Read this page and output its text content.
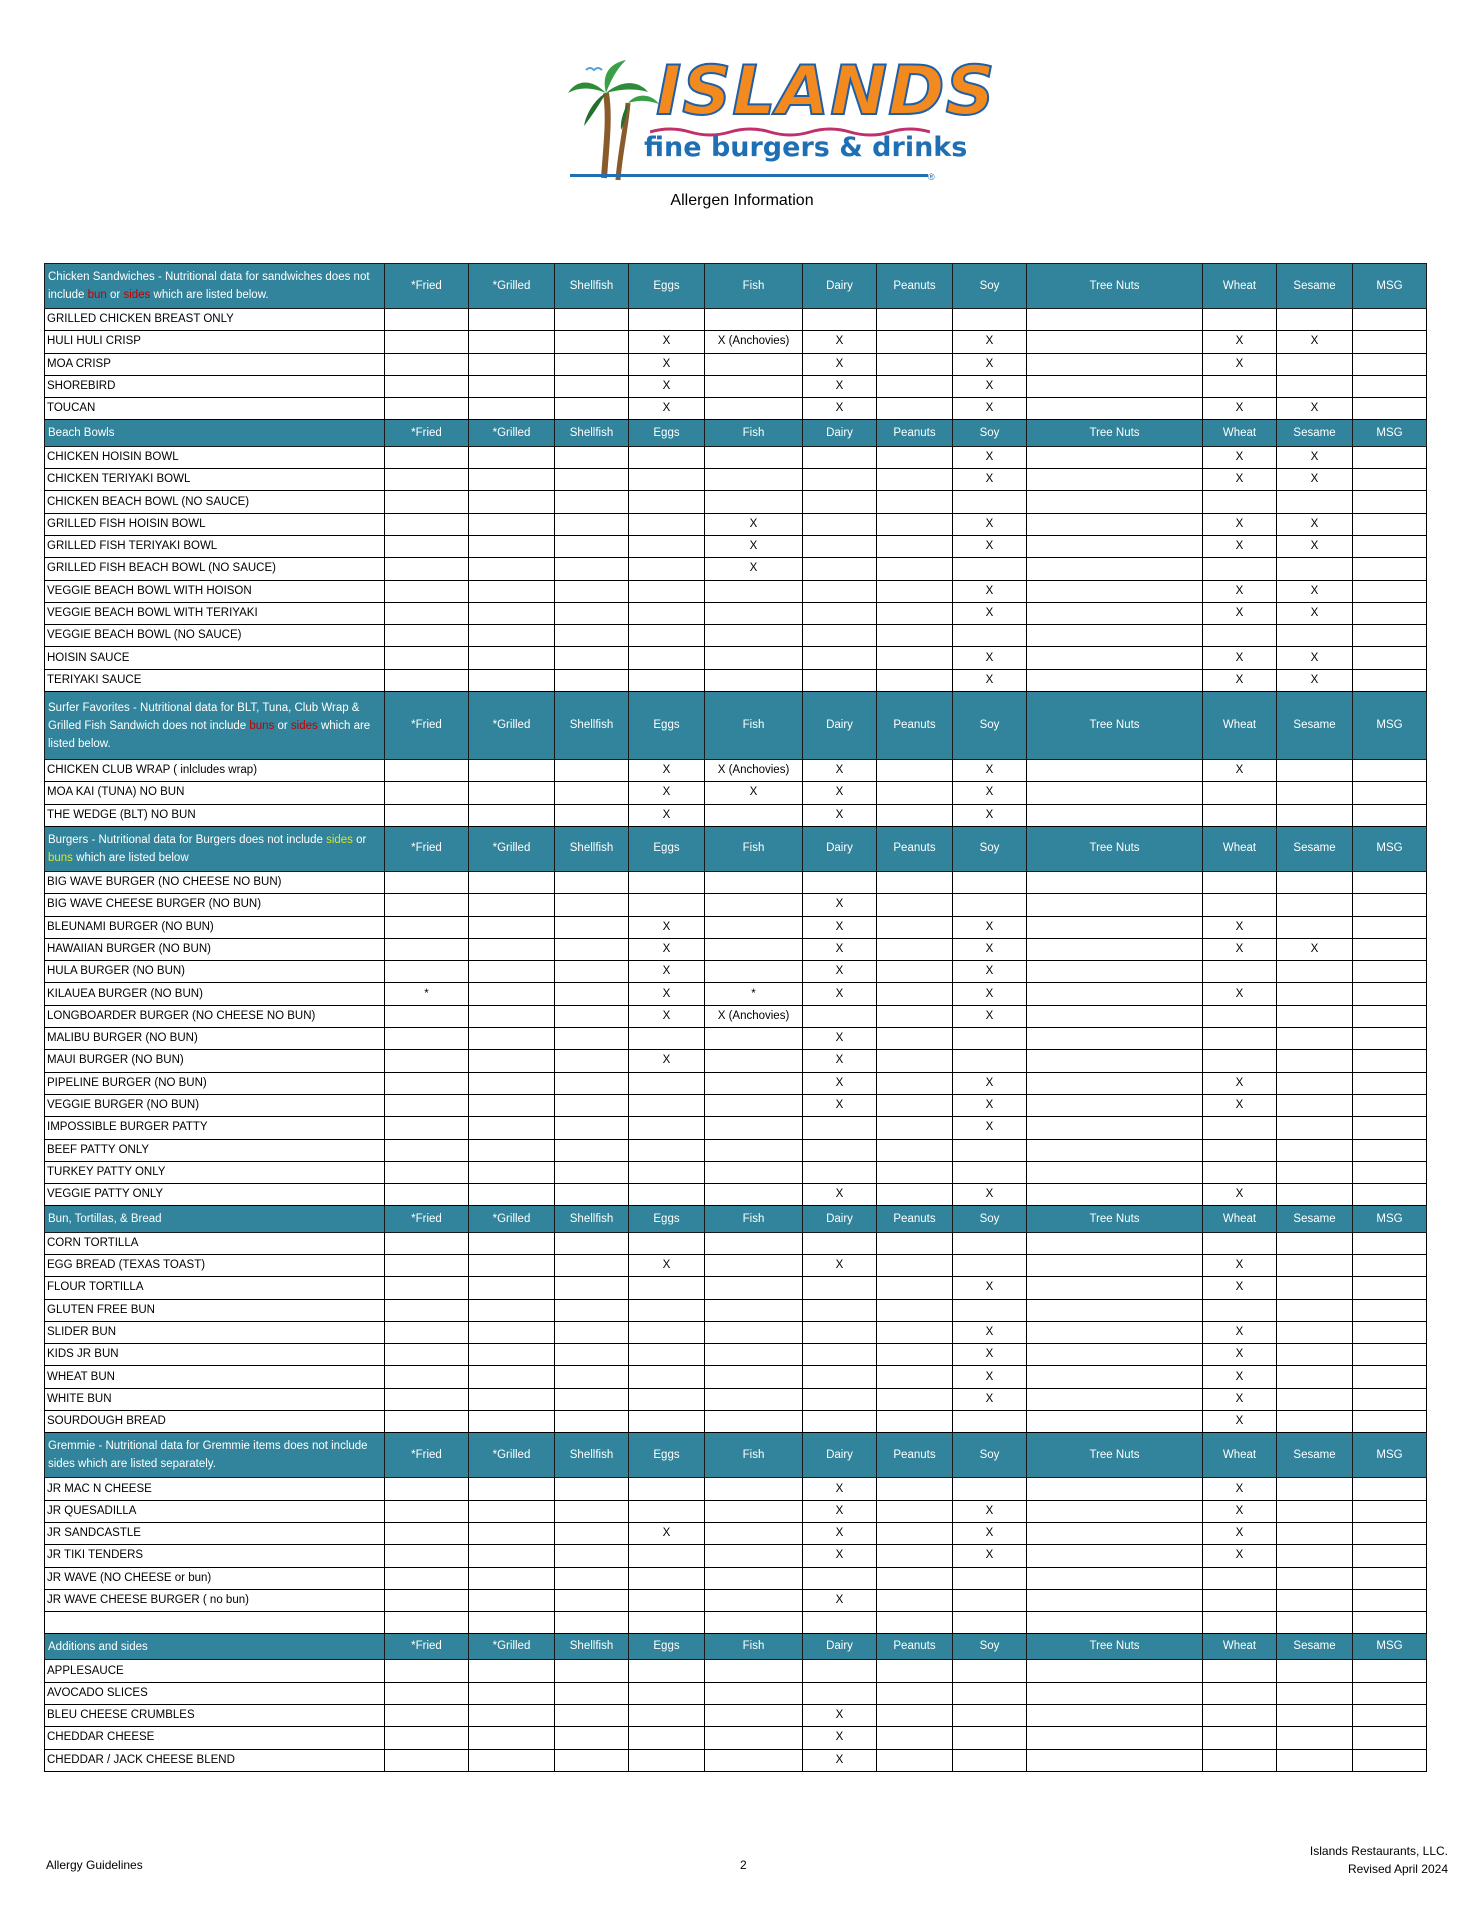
ISLANDS
fine burgers & drinks
®
Allergen Information
Chicken Sandwiches - Nutritional data for sandwiches does not include bun or sides which are listed below.	*Fried	*Grilled	Shellfish	Eggs	Fish	Dairy	Peanuts	Soy	Tree Nuts	Wheat	Sesame	MSG
GRILLED CHICKEN BREAST ONLY												
HULI HULI CRISP				X	X (Anchovies)	X		X		X	X	
MOA CRISP				X		X		X		X		
SHOREBIRD				X		X		X				
TOUCAN				X		X		X		X	X	
Beach Bowls	*Fried	*Grilled	Shellfish	Eggs	Fish	Dairy	Peanuts	Soy	Tree Nuts	Wheat	Sesame	MSG
CHICKEN HOISIN BOWL								X		X	X	
CHICKEN TERIYAKI BOWL								X		X	X	
CHICKEN BEACH BOWL (NO SAUCE)												
GRILLED FISH HOISIN BOWL					X			X		X	X	
GRILLED FISH TERIYAKI BOWL					X			X		X	X	
GRILLED FISH BEACH BOWL (NO SAUCE)					X							
VEGGIE BEACH BOWL WITH HOISON								X		X	X	
VEGGIE BEACH BOWL WITH TERIYAKI								X		X	X	
VEGGIE BEACH BOWL (NO SAUCE)												
HOISIN SAUCE								X		X	X	
TERIYAKI SAUCE								X		X	X	
Surfer Favorites - Nutritional data for BLT, Tuna, Club Wrap & Grilled Fish Sandwich does not include buns or sides which are listed below.	*Fried	*Grilled	Shellfish	Eggs	Fish	Dairy	Peanuts	Soy	Tree Nuts	Wheat	Sesame	MSG
CHICKEN CLUB WRAP ( inlcludes wrap)				X	X (Anchovies)	X		X		X		
MOA KAI (TUNA) NO BUN				X	X	X		X				
THE WEDGE (BLT) NO BUN				X		X		X				
Burgers - Nutritional data for Burgers does not include sides or buns which are listed below	*Fried	*Grilled	Shellfish	Eggs	Fish	Dairy	Peanuts	Soy	Tree Nuts	Wheat	Sesame	MSG
BIG WAVE BURGER (NO CHEESE NO BUN)												
BIG WAVE CHEESE BURGER (NO BUN)						X						
BLEUNAMI BURGER (NO BUN)				X		X		X		X		
HAWAIIAN BURGER (NO BUN)				X		X		X		X	X	
HULA BURGER (NO BUN)				X		X		X				
KILAUEA BURGER (NO BUN)	*			X	*	X		X		X		
LONGBOARDER BURGER (NO CHEESE NO BUN)				X	X (Anchovies)			X				
MALIBU BURGER (NO BUN)						X						
MAUI BURGER (NO BUN)				X		X						
PIPELINE BURGER (NO BUN)						X		X		X		
VEGGIE BURGER (NO BUN)						X		X		X		
IMPOSSIBLE BURGER PATTY								X				
BEEF PATTY ONLY												
TURKEY PATTY ONLY												
VEGGIE PATTY ONLY						X		X		X		
Bun, Tortillas, & Bread	*Fried	*Grilled	Shellfish	Eggs	Fish	Dairy	Peanuts	Soy	Tree Nuts	Wheat	Sesame	MSG
CORN TORTILLA												
EGG BREAD (TEXAS TOAST)				X		X				X		
FLOUR TORTILLA								X		X		
GLUTEN FREE BUN												
SLIDER BUN								X		X		
KIDS JR BUN								X		X		
WHEAT BUN								X		X		
WHITE BUN								X		X		
SOURDOUGH BREAD										X		
Gremmie - Nutritional data for Gremmie items does not include sides which are listed separately.	*Fried	*Grilled	Shellfish	Eggs	Fish	Dairy	Peanuts	Soy	Tree Nuts	Wheat	Sesame	MSG
JR MAC N CHEESE						X				X		
JR QUESADILLA						X		X		X		
JR SANDCASTLE				X		X		X		X		
JR TIKI TENDERS						X		X		X		
JR WAVE (NO CHEESE or bun)												
JR WAVE CHEESE BURGER ( no bun)						X						

Additions and sides	*Fried	*Grilled	Shellfish	Eggs	Fish	Dairy	Peanuts	Soy	Tree Nuts	Wheat	Sesame	MSG
APPLESAUCE												
AVOCADO SLICES												
BLEU CHEESE CRUMBLES						X						
CHEDDAR CHEESE						X						
CHEDDAR / JACK CHEESE BLEND						X						
Allergy Guidelines	2
Islands Restaurants, LLC.
Revised April 2024
